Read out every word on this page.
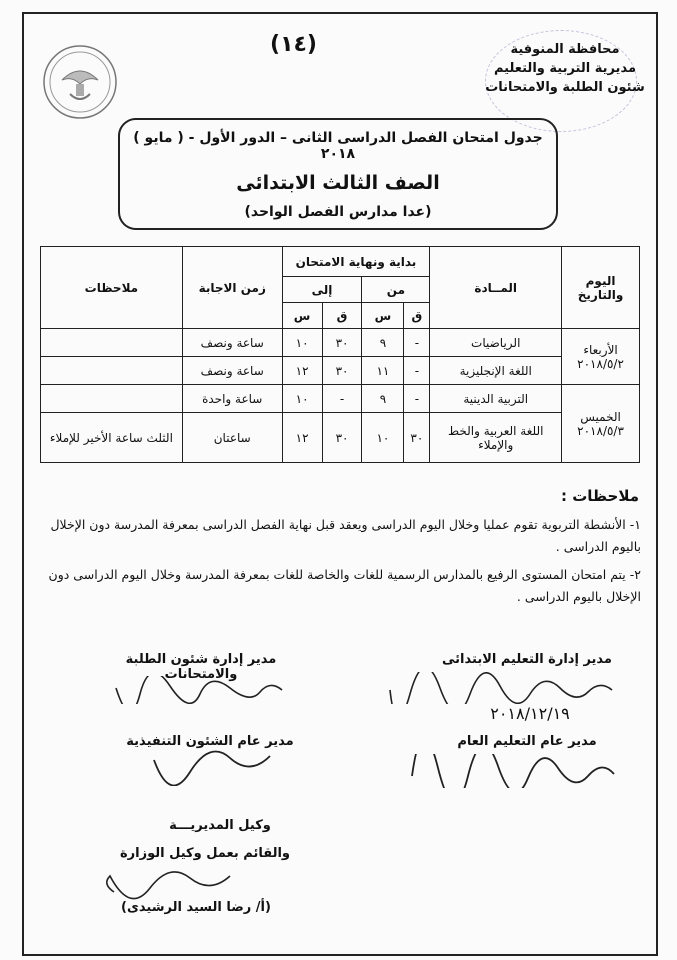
محافظة المنوفية
مديرية التربية والتعليم
شئون الطلبة والامتحانات
(١٤)
جدول امتحان الفصل الدراسى الثانى – الدور الأول - ( مايو ) ٢٠١٨
الصف الثالث الابتدائى
(عدا مدارس الفصل الواحد)
اليوم والتاريخ	المــادة	بداية ونهاية الامتحان				زمن الاجابة	ملاحظات
		من		إلى			
		ق	س	ق	س		
الأربعاء ٢٠١٨/٥/٢	الرياضيات	-	٩	٣٠	١٠	ساعة ونصف	
	اللغة الإنجليزية	-	١١	٣٠	١٢	ساعة ونصف	
الخميس ٢٠١٨/٥/٣	التربية الدينية	-	٩	-	١٠	ساعة واحدة	
	اللغة العربية والخط والإملاء	٣٠	١٠	٣٠	١٢	ساعتان	الثلث ساعة الأخير للإملاء
ملاحظات :
١- الأنشطة التربوية تقوم عمليا وخلال اليوم الدراسى ويعقد قبل نهاية الفصل الدراسى بمعرفة المدرسة دون الإخلال باليوم الدراسى .
٢- يتم امتحان المستوى الرفيع بالمدارس الرسمية للغات والخاصة للغات بمعرفة المدرسة وخلال اليوم الدراسى دون الإخلال باليوم الدراسى .
مدير إدارة التعليم الابتدائى
مدير إدارة شئون الطلبة والامتحانات
٢٠١٨/١٢/١٩
مدير عام التعليم العام
مدير عام الشئون التنفيذية
وكيل المديريـــة
والقائم بعمل وكيل الوزارة
(أ/ رضا السيد الرشيدى)
